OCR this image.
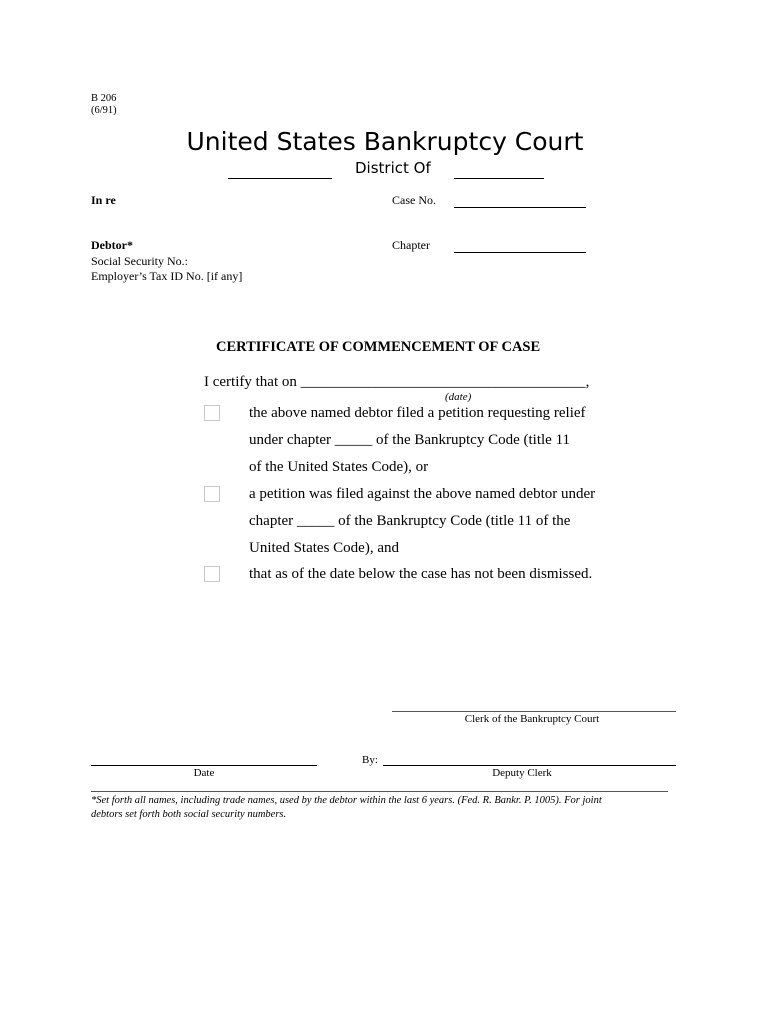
B 206
(6/91)
United States Bankruptcy Court
District Of
In re	Case No.
Debtor*	Chapter
Social Security No.:
Employer’s Tax ID No. [if any]
CERTIFICATE OF COMMENCEMENT OF CASE
I certify that on ______________________________________,
(date)
the above named debtor filed a petition requesting relief
under chapter _____ of the Bankruptcy Code (title 11
of the United States Code), or
a petition was filed against the above named debtor under
chapter _____ of the Bankruptcy Code (title 11 of the
United States Code), and
that as of the date below the case has not been dismissed.
Clerk of the Bankruptcy Court
Date
By:
Deputy Clerk
*Set forth all names, including trade names, used by the debtor within the last 6 years. (Fed. R. Bankr. P. 1005). For joint
debtors set forth both social security numbers.
